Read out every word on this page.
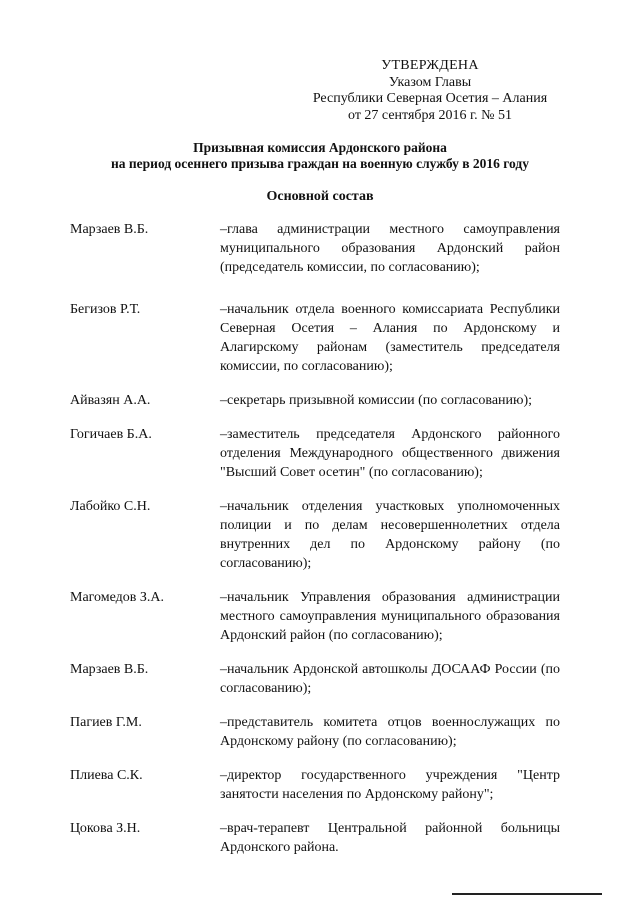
УТВЕРЖДЕНА
Указом Главы
Республики Северная Осетия – Алания
от 27 сентября 2016 г. № 51
Призывная комиссия Ардонского района
на период осеннего призыва граждан на военную службу в 2016 году
Основной состав
Марзаев В.Б.	–глава администрации местного самоуправления муниципального образования Ардонский район (председатель комиссии, по согласованию);
Бегизов Р.Т.	–начальник отдела военного комиссариата Республики Северная Осетия – Алания по Ардонскому и Алагирскому районам (заместитель председателя комиссии, по согласованию);
Айвазян А.А.	–секретарь призывной комиссии (по согласованию);
Гогичаев Б.А.	–заместитель председателя Ардонского районного отделения Международного общественного движения "Высший Совет осетин" (по согласованию);
Лабойко С.Н.	–начальник отделения участковых уполномоченных полиции и по делам несовершеннолетних отдела внутренних дел по Ардонскому району (по согласованию);
Магомедов З.А.	–начальник Управления образования администрации местного самоуправления муниципального образования Ардонский район (по согласованию);
Марзаев В.Б.	–начальник Ардонской автошколы ДОСААФ России (по согласованию);
Пагиев Г.М.	–представитель комитета отцов военнослужащих по Ардонскому району (по согласованию);
Плиева С.К.	–директор государственного учреждения "Центр занятости населения по Ардонскому району";
Цокова З.Н.	–врач-терапевт Центральной районной больницы Ардонского района.
